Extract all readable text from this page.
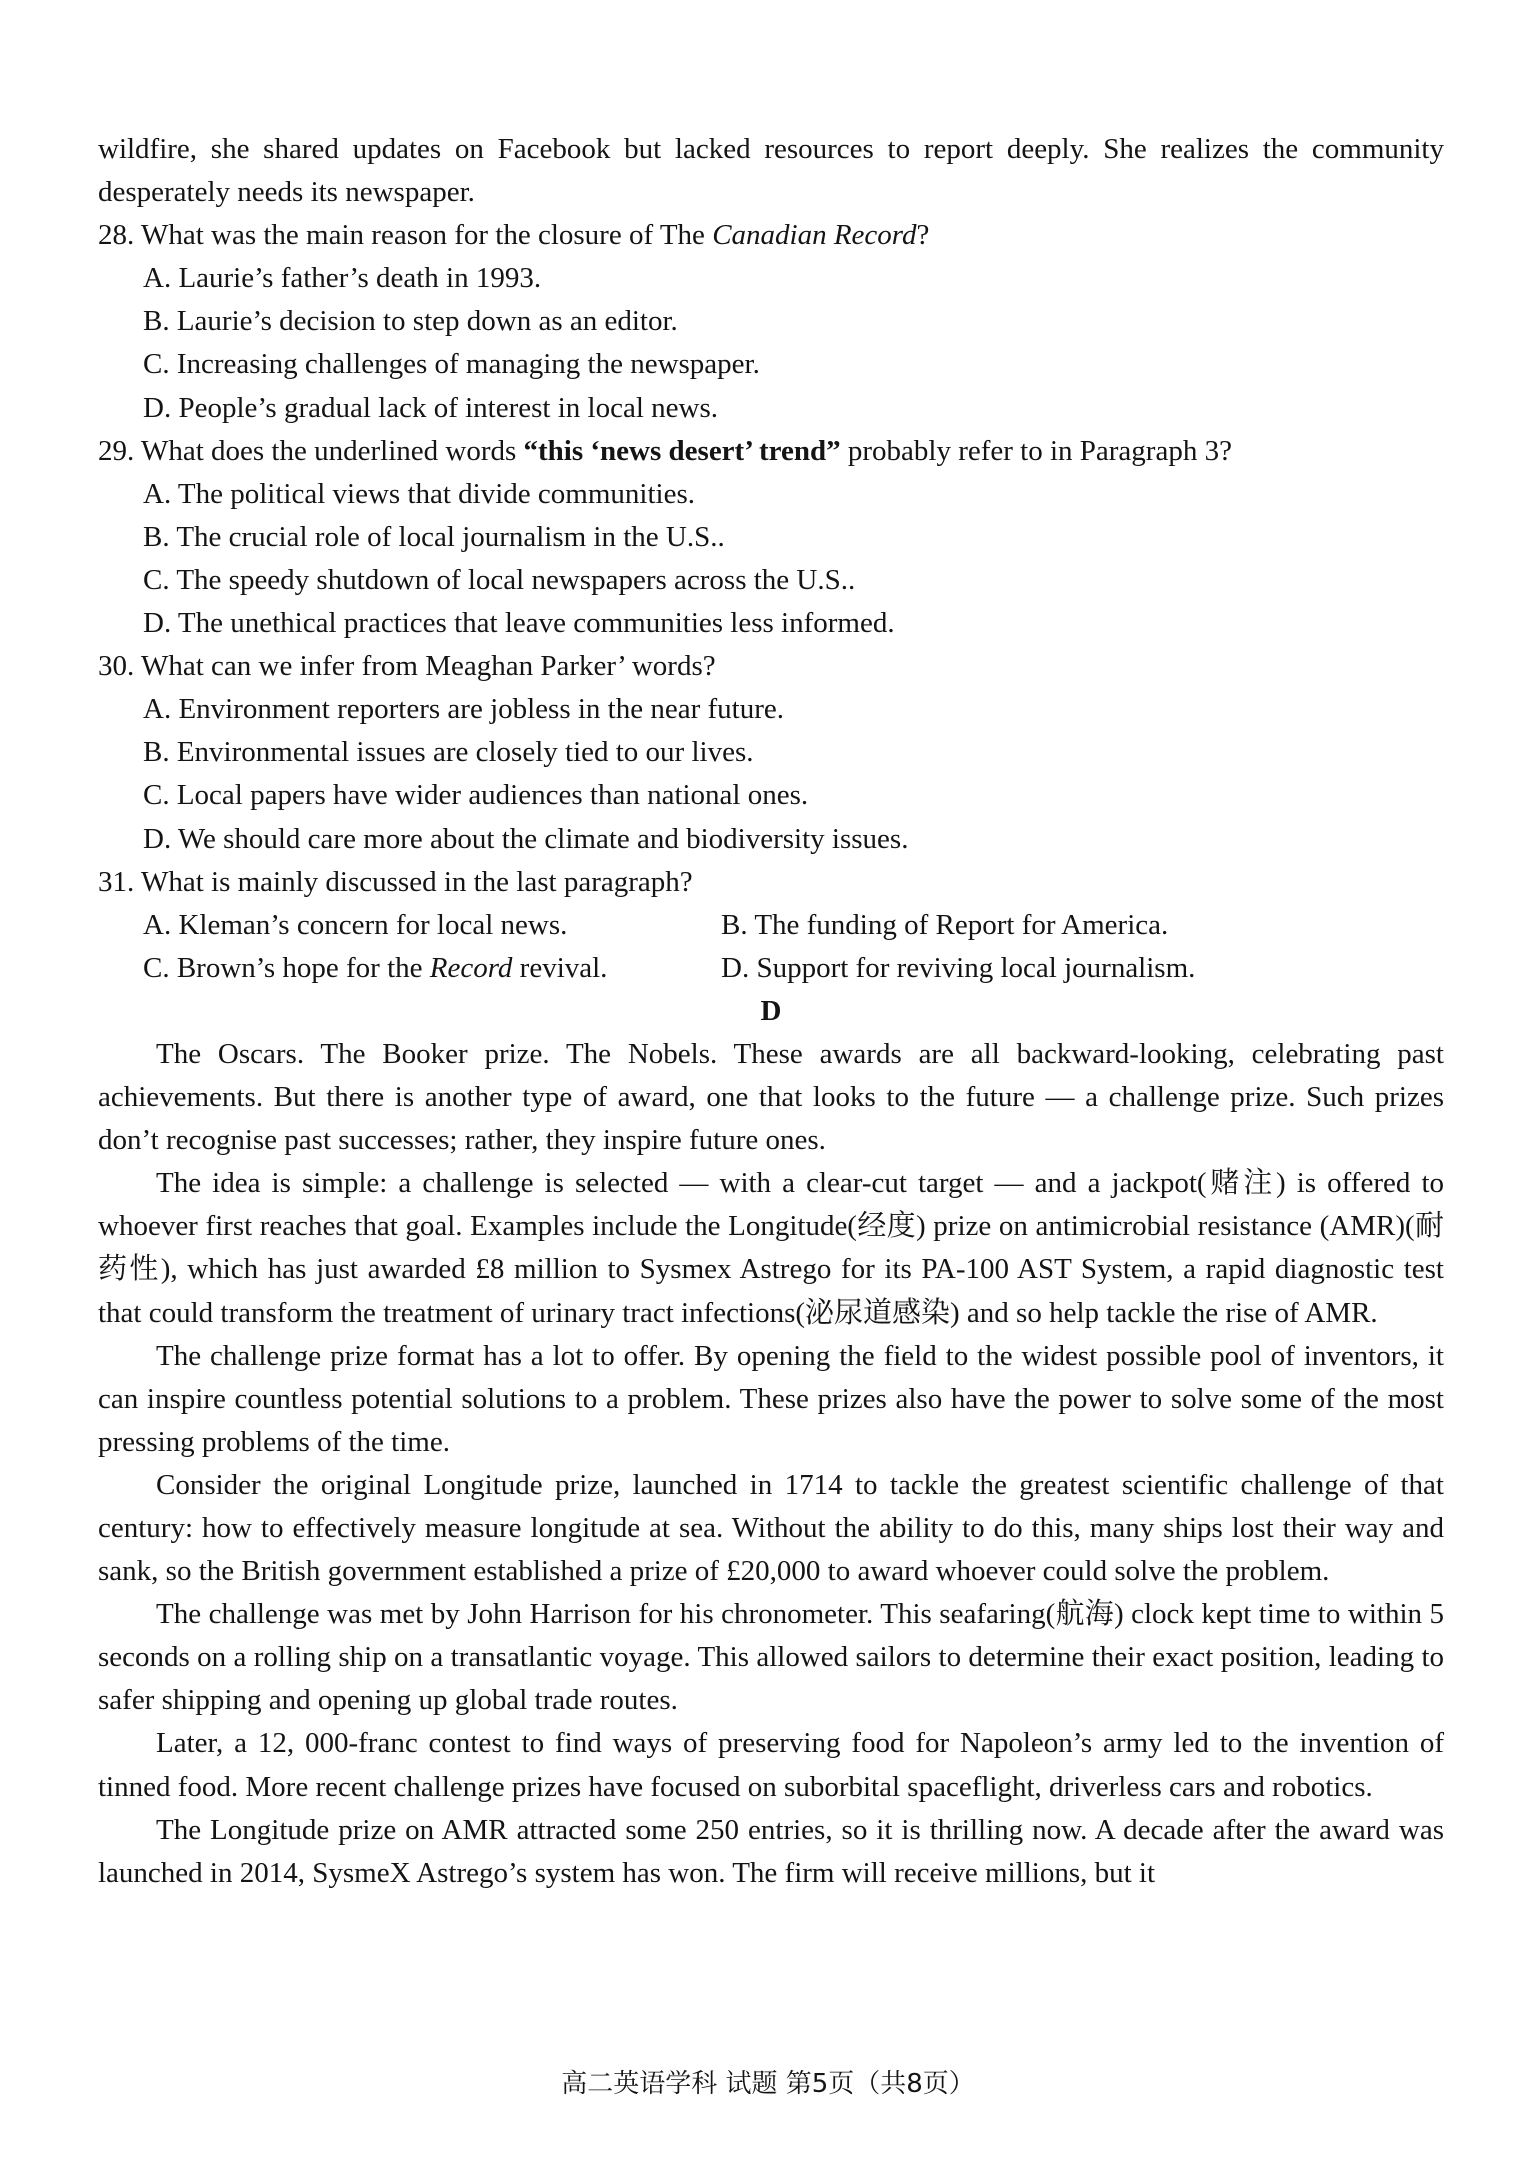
wildfire, she shared updates on Facebook but lacked resources to report deeply. She realizes the community desperately needs its newspaper.

28. What was the main reason for the closure of The Canadian Record?

A. Laurie’s father’s death in 1993.

B. Laurie’s decision to step down as an editor.

C. Increasing challenges of managing the newspaper.

D. People’s gradual lack of interest in local news.

29. What does the underlined words “this ‘news desert’ trend” probably refer to in Paragraph 3?

A. The political views that divide communities.

B. The crucial role of local journalism in the U.S..

C. The speedy shutdown of local newspapers across the U.S..

D. The unethical practices that leave communities less informed.

30. What can we infer from Meaghan Parker’ words?

A. Environment reporters are jobless in the near future.

B. Environmental issues are closely tied to our lives.

C. Local papers have wider audiences than national ones.

D. We should care more about the climate and biodiversity issues.

31. What is mainly discussed in the last paragraph?

A. Kleman’s concern for local news.	B. The funding of Report for America.
C. Brown’s hope for the Record revival.	D. Support for reviving local journalism.

D

The Oscars. The Booker prize. The Nobels. These awards are all backward-looking, celebrating past achievements. But there is another type of award, one that looks to the future — a challenge prize. Such prizes don’t recognise past successes; rather, they inspire future ones.

The idea is simple: a challenge is selected — with a clear-cut target — and a jackpot(赌注) is offered to whoever first reaches that goal. Examples include the Longitude(经度) prize on antimicrobial resistance (AMR)(耐药性), which has just awarded £8 million to Sysmex Astrego for its PA-100 AST System, a rapid diagnostic test that could transform the treatment of urinary tract infections(泌尿道感染) and so help tackle the rise of AMR.

The challenge prize format has a lot to offer. By opening the field to the widest possible pool of inventors, it can inspire countless potential solutions to a problem. These prizes also have the power to solve some of the most pressing problems of the time.

Consider the original Longitude prize, launched in 1714 to tackle the greatest scientific challenge of that century: how to effectively measure longitude at sea. Without the ability to do this, many ships lost their way and sank, so the British government established a prize of £20,000 to award whoever could solve the problem.

The challenge was met by John Harrison for his chronometer. This seafaring(航海) clock kept time to within 5 seconds on a rolling ship on a transatlantic voyage. This allowed sailors to determine their exact position, leading to safer shipping and opening up global trade routes.

Later, a 12, 000-franc contest to find ways of preserving food for Napoleon’s army led to the invention of tinned food. More recent challenge prizes have focused on suborbital spaceflight, driverless cars and robotics.

The Longitude prize on AMR attracted some 250 entries, so it is thrilling now. A decade after the award was launched in 2014, SysmeX Astrego’s system has won. The firm will receive millions, but it

高二英语学科 试题 第5页（共8页）
